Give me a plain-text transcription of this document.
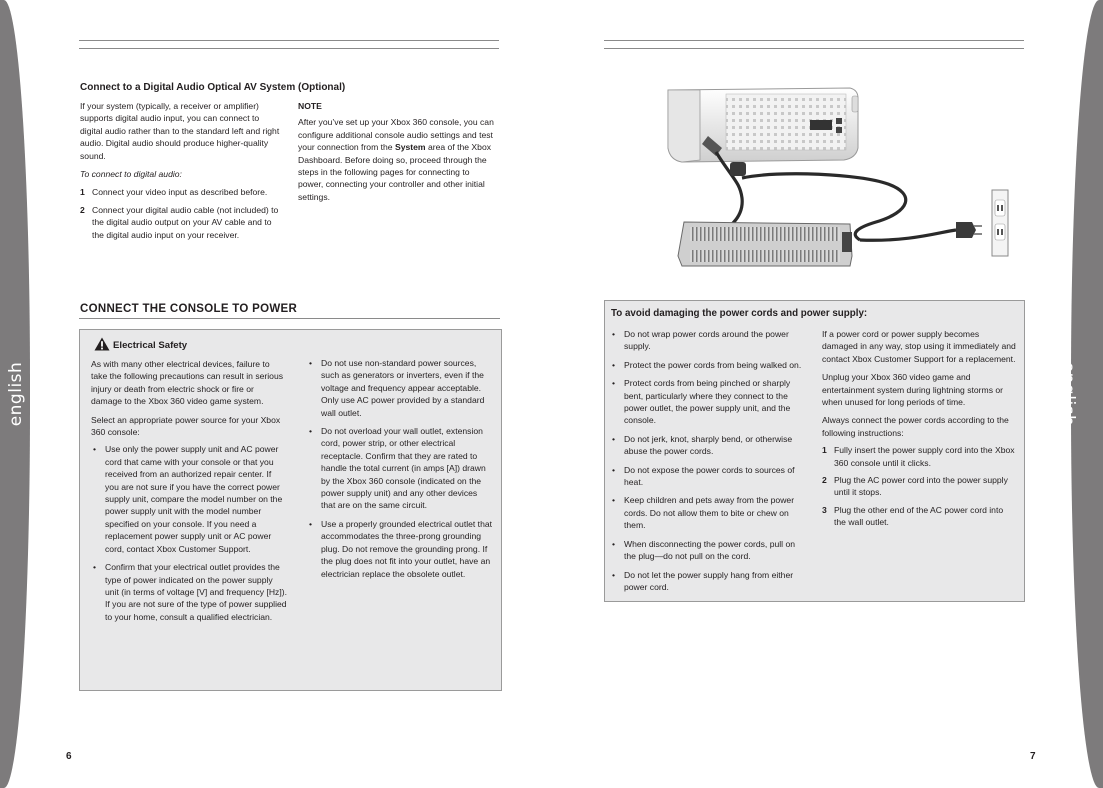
english	english
Connect to a Digital Audio Optical AV System (Optional)

If your system (typically, a receiver or amplifier) supports digital audio input, you can connect to digital audio rather than to the standard left and right audio. Digital audio should produce higher-quality sound.

To connect to digital audio:

1 Connect your video input as described before.
2 Connect your digital audio cable (not included) to the digital audio output on your AV cable and to the digital audio input on your receiver.

NOTE

After you’ve set up your Xbox 360 console, you can configure additional console audio settings and test your connection from the System area of the Xbox Dashboard. Before doing so, proceed through the steps in the following pages for connecting to power, connecting your controller and other initial settings.

CONNECT THE CONSOLE TO POWER
Electrical Safety

As with many other electrical devices, failure to take the following precautions can result in serious injury or death from electric shock or fire or damage to the Xbox 360 video game system.

Select an appropriate power source for your Xbox 360 console:

• Use only the power supply unit and AC power cord that came with your console or that you received from an authorized repair center. If you are not sure if you have the correct power supply unit, compare the model number on the power supply unit with the model number specified on your console. If you need a replacement power supply unit or AC power cord, contact Xbox Customer Support.
• Confirm that your electrical outlet provides the type of power indicated on the power supply unit (in terms of voltage [V] and frequency [Hz]). If you are not sure of the type of power supplied to your home, consult a qualified electrician.
• Do not use non-standard power sources, such as generators or inverters, even if the voltage and frequency appear acceptable. Only use AC power provided by a standard wall outlet.
• Do not overload your wall outlet, extension cord, power strip, or other electrical receptacle. Confirm that they are rated to handle the total current (in amps [A]) drawn by the Xbox 360 console (indicated on the power supply unit) and any other devices that are on the same circuit.
• Use a properly grounded electrical outlet that accommodates the three-prong grounding plug. Do not remove the grounding prong. If the plug does not fit into your outlet, have an electrician replace the obsolete outlet.
6
To avoid damaging the power cords and power supply:
• Do not wrap power cords around the power supply.
• Protect the power cords from being walked on.
• Protect cords from being pinched or sharply bent, particularly where they connect to the power outlet, the power supply unit, and the console.
• Do not jerk, knot, sharply bend, or otherwise abuse the power cords.
• Do not expose the power cords to sources of heat.
• Keep children and pets away from the power cords. Do not allow them to bite or chew on them.
• When disconnecting the power cords, pull on the plug—do not pull on the cord.
• Do not let the power supply hang from either power cord.

If a power cord or power supply becomes damaged in any way, stop using it immediately and contact Xbox Customer Support for a replacement.

Unplug your Xbox 360 video game and entertainment system during lightning storms or when unused for long periods of time.

Always connect the power cords according to the following instructions:

1 Fully insert the power supply cord into the Xbox 360 console until it clicks.
2 Plug the AC power cord into the power supply until it stops.
3 Plug the other end of the AC power cord into the wall outlet.
7
